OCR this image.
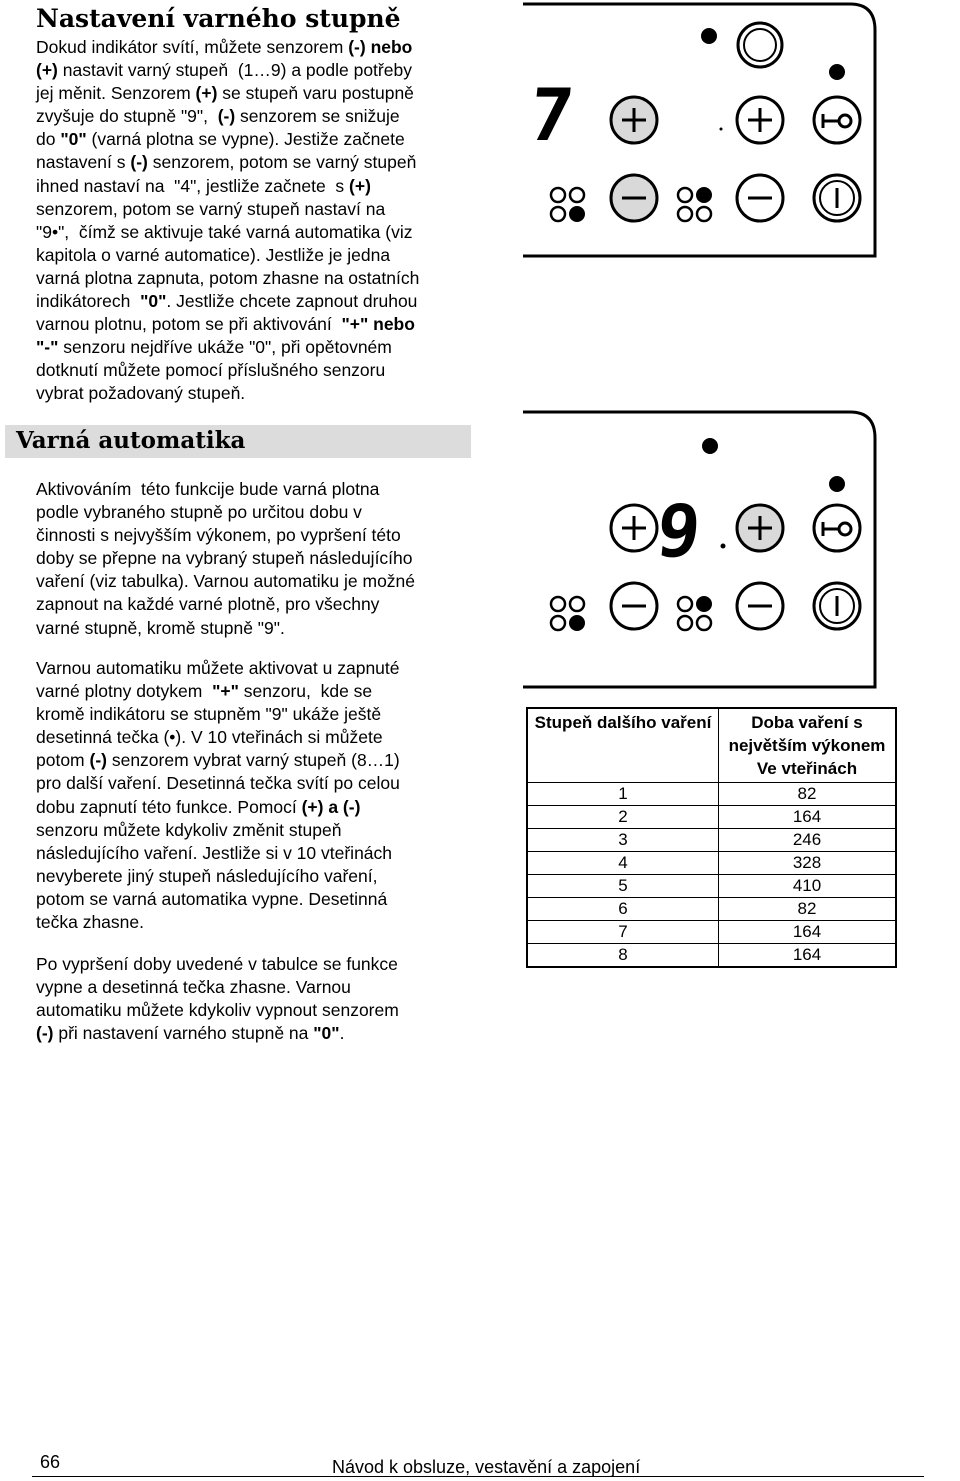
Nastavení varného stupně
Dokud indikátor svítí, můžete senzorem (-) nebo
(+) nastavit varný stupeň  (1…9) a podle potřeby
jej měnit. Senzorem (+) se stupeň varu postupně
zvyšuje do stupně "9",  (-) senzorem se snižuje
do "0" (varná plotna se vypne). Jestiže začnete
nastavení s (-) senzorem, potom se varný stupeň
ihned nastaví na  "4", jestliže začnete  s (+)
senzorem, potom se varný stupeň nastaví na
"9•",  čímž se aktivuje také varná automatika (viz
kapitola o varné automatice). Jestliže je jedna
varná plotna zapnuta, potom zhasne na ostatních
indikátorech  "0". Jestliže chcete zapnout druhou
varnou plotnu, potom se při aktivování  "+" nebo
"-" senzoru nejdříve ukáže "0", při opětovném
dotknutí můžete pomocí příslušného senzoru
vybrat požadovaný stupeň.
Varná automatika
Aktivováním  této funkcije bude varná plotna
podle vybraného stupně po určitou dobu v
činnosti s nejvyšším výkonem, po vypršení této
doby se přepne na vybraný stupeň následujícího
vaření (viz tabulka). Varnou automatiku je možné
zapnout na každé varné plotně, pro všechny
varné stupně, kromě stupně "9".
Varnou automatiku můžete aktivovat u zapnuté
varné plotny dotykem  "+" senzoru,  kde se
kromě indikátoru se stupněm "9" ukáže ještě
desetinná tečka (•). V 10 vteřinách si můžete
potom (-) senzorem vybrat varný stupeň (8…1)
pro další vaření. Desetinná tečka svítí po celou
dobu zapnutí této funkce. Pomocí (+) a (-)
senzoru můžete kdykoliv změnit stupeň
následujícího vaření. Jestliže si v 10 vteřinách
nevyberete jiný stupeň následujícího vaření,
potom se varná automatika vypne. Desetinná
tečka zhasne.
Po vypršení doby uvedené v tabulce se funkce
vypne a desetinná tečka zhasne. Varnou
automatiku můžete kdykoliv vypnout senzorem
(-) při nastavení varného stupně na "0".
7
9
Stupeň dalšího vaření	Doba vaření s největším výkonem Ve vteřinách
1	82
2	164
3	246
4	328
5	410
6	82
7	164
8	164
66	Návod k obsluze, vestavění a zapojení
